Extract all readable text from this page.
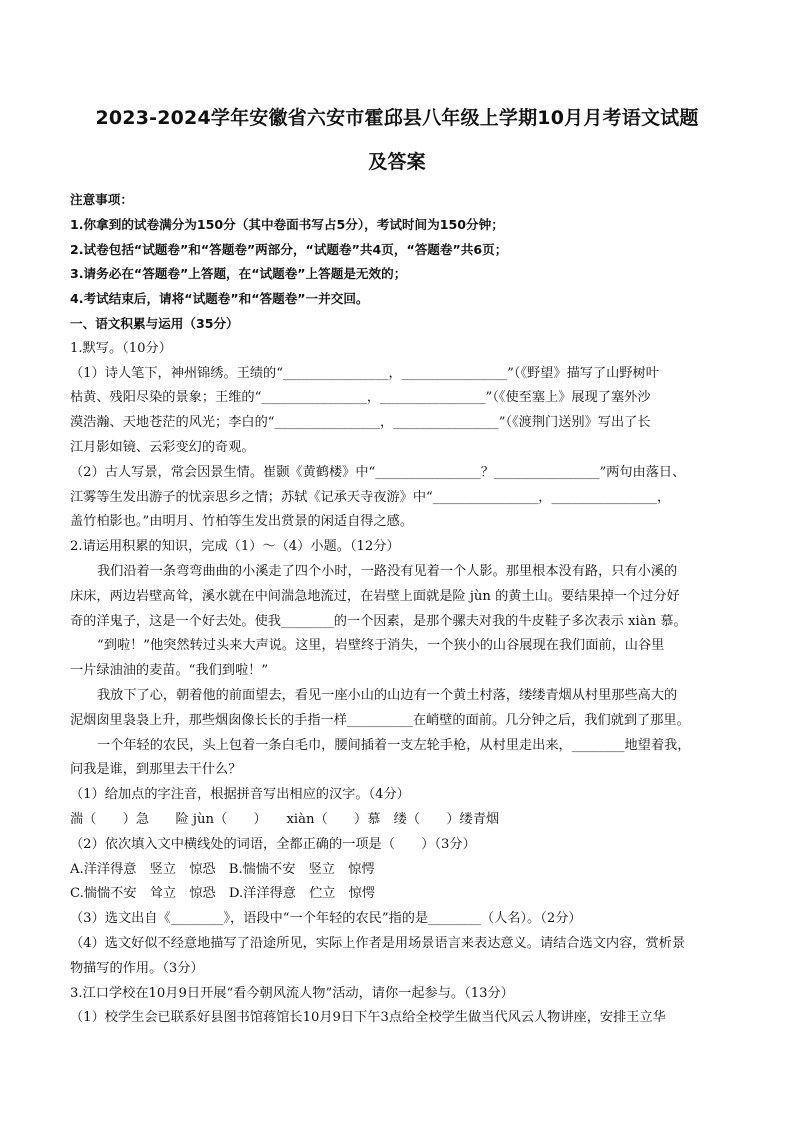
2023-2024学年安徽省六安市霍邱县八年级上学期10月月考语文试题
及答案
注意事项：
1.你拿到的试卷满分为150分（其中卷面书写占5分），考试时间为150分钟；
2.试卷包括“试题卷”和“答题卷”两部分，“试题卷”共4页，“答题卷”共6页；
3.请务必在“答题卷”上答题，在“试题卷”上答题是无效的；
4.考试结束后，请将“试题卷”和“答题卷”一并交回。
一、语文积累与运用（35分）
1.默写。（10分）
（1）诗人笔下，神州锦绣。王绩的“________________，________________”（《野望》描写了山野树叶
枯黄、残阳尽染的景象；王维的“________________，________________”（《使至塞上》展现了塞外沙
漠浩瀚、天地苍茫的风光；李白的“________________，________________”（《渡荆门送别》写出了长
江月影如镜、云彩变幻的奇观。
（2）古人写景，常会因景生情。崔颢《黄鹤楼》中“________________？________________”两句由落日、
江雾等生发出游子的忧亲思乡之情；苏轼《记承天寺夜游》中“________________，________________，
盖竹柏影也。”由明月、竹柏等生发出赏景的闲适自得之感。
2.请运用积累的知识，完成（1）～（4）小题。（12分）
我们沿着一条弯弯曲曲的小溪走了四个小时，一路没有见着一个人影。那里根本没有路，只有小溪的
床床，两边岩壁高耸，溪水就在中间湍急地流过，在岩壁上面就是险 jùn 的黄土山。要结果掉一个过分好
奇的洋鬼子，这是一个好去处。使我________的一个因素，是那个骡夫对我的牛皮鞋子多次表示 xiàn 慕。
“到啦！”他突然转过头来大声说。这里，岩壁终于消失，一个狭小的山谷展现在我们面前，山谷里
一片绿油油的麦苗。“我们到啦！”
我放下了心，朝着他的前面望去，看见一座小山的山边有一个黄土村落，缕缕青烟从村里那些高大的
泥烟囱里袅袅上升，那些烟囱像长长的手指一样__________在峭壁的面前。几分钟之后，我们就到了那里。
一个年轻的农民，头上包着一条白毛巾，腰间插着一支左轮手枪，从村里走出来，________地望着我，
问我是谁，到那里去干什么？
（1）给加点的字注音，根据拼音写出相应的汉字。（4分）
湍（　　）急　　险 jùn（　　）　　xiàn（　　）慕　缕（　　）缕青烟
（2）依次填入文中横线处的词语，全都正确的一项是（　　）（3分）
A.洋洋得意　竖立　惊恐　B.惴惴不安　竖立　惊愕
C.惴惴不安　耸立　惊恐　D.洋洋得意　伫立　惊愕
（3）选文出自《________》，语段中“一个年轻的农民”指的是________（人名）。（2分）
（4）选文好似不经意地描写了沿途所见，实际上作者是用场景语言来表达意义。请结合选文内容，赏析景
物描写的作用。（3分）
3.江口学校在10月9日开展“看今朝风流人物”活动，请你一起参与。（13分）
（1）校学生会已联系好县图书馆蒋馆长10月9日下午3点给全校学生做当代风云人物讲座，安排王立华
